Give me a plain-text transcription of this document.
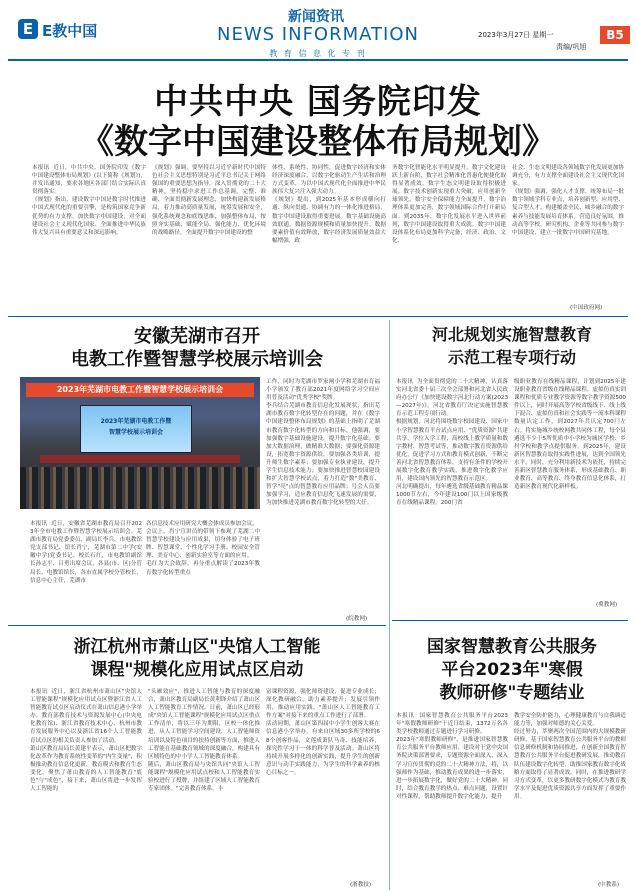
E E教中国
新闻资讯
NEWS INFORMATION
教 育 信 息 化 专 刊
2023年3月27日 星期一
责编/巩旭
B5
中共中央 国务院印发
《数字中国建设整体布局规划》
本报讯  近日，中共中央、国务院印发《数字中国建设整体布局规划》(以下简称《规划》)，并发出通知，要求各地区各部门结合实际认真贯彻落实。
《规划》指出，建设数字中国是数字时代推进中国式现代化的重要引擎，是构筑国家竞争新优势的有力支撑。加快数字中国建设，对全面建设社会主义现代化国家、全面推进中华民族伟大复兴具有重要意义和深远影响。
《规划》强调，要坚持以习近平新时代中国特色社会主义思想特别是习近平总书记关于网络强国的重要思想为指导，深入贯彻党的二十大精神，坚持稳中求进工作总基调，完整、准确、全面贯彻新发展理念，加快构建新发展格局，着力推动高质量发展，统筹发展和安全，强化系统观念和底线思维，加强整体布局，按照夯实基础、赋能全局、强化能力、优化环境的战略路径，全面提升数字中国建设的整
体性、系统性、协同性，促进数字经济和实体经济深度融合，以数字化驱动生产生活和治理方式变革，为以中国式现代化全面推进中华民族伟大复兴注入强大动力。
《规划》提出，到2025年基本形成横向打通、纵向贯通、协调有力的一体化推进格局，数字中国建设取得重要进展。数字基础设施高效联通，数据资源规模和质量加快提升，数据要素价值有效释放，数字经济发展质量效益大幅增强，政
务数字化智能化水平明显提升，数字文化建设跃上新台阶，数字社会精准化普惠化便捷化取得显著成效，数字生态文明建设取得积极进展。数字技术创新实现重大突破，应用创新全球领先，数字安全保障能力全面提升，数字治理体系更加完善，数字领域国际合作打开新局面。到2035年，数字化发展水平进入世界前列，数字中国建设取得重大成就。数字中国建设体系化布局更加科学完备，经济、政治、文化、
社会、生态文明建设各领域数字化发展更加协调充分，有力支撑全面建设社会主义现代化国家。
《规划》强调，强化人才支撑。统筹布局一批数字领域学科专业点，培养创新型、应用型、复合型人才。构建覆盖全民、城乡融合的数字素养与技能发展培育体系。营造良好氛围。推动高等学校、研究机构、企业等共同参与数字中国建设，建立一批数字中国研究基地。
(中国政府网)
安徽芜湖市召开
电教工作暨智慧学校展示培训会
2023年芜湖市电教工作暨智慧学校展示培训会
2023年芜湖市电教工作暨
智慧学校展示培训会
本报讯  近日，安徽省芜湖市教育局召开2023年全市电教工作暨智慧学校展示培训会。芜湖市教育局党委委员、副局长李兵，市电教馆党支部书记、馆长肖宁，芜湖市第二中学(安徽中学)党委书记、校长石红，市电教馆副馆长孙志平、吕勇出席会议，各县(市、区)分管局长、电教馆馆长，各市直属学校分管校长、信息中心主任，芜湖市
各信息技术应用研究大概会体成员参加会议。
会议上，肖宁宣讲员的带领下参观了芜湖二中智慧学校建设与应用成果，切身体验了电子班牌、智慧课堂、个性化学习手册、校园安全管理、美育中心、创新实验室等方面的应用。
毛红为大会致辞，再分重点解读了2023年教育数字化转型重点
工作，同时为芜湖市罗家闸小学和芜湖市育福小学颁发了教育部2021年度网络学习空间应用普及活动"优秀学校"奖牌。
李兵结合芜湖市教育信息化发展现状，指出芜湖市教育数字化转型存在的问题，并在《数字中国建设整体布局规划》的基础上指明了芜湖市教育数字化转型的方向和目标。他强调，要加强数字基础设施建设，提升数字化基础；要加大数据治理，做精准大数据；要强化资源建设，拓宽数字资源供给，要加强各类培训，提升师生数字素养；要加强专业执业建设，提升学生信息技术能力；要加快推进智慧校园建设和扩大智慧学校试点，着力打造"数"美教育、智学"亮"点的智慧教育应用品牌；号会人员要加强学习，适应教育信息化飞速发展的需要，为加快推进芜湖市教育数字化转型的大任。
(皖教网)
河北规划实施智慧教育
示范工程专项行动
本报讯  为全面贯彻党的二十大精神，认真落实河北省委十届三次全会部署和河北省人民政府办公厅《加快建设数字河北行动方案(2023—2027年)》，河北省教育厅决定实施智慧教育示范工程专项行动。
根据规划，河北将围绕数字校园建设、国家中小学智慧教育平台试点应用、"优质资源"共建共享、学位入学工程、高校线上教学质量和数字教材、智慧考试等，推动数字教育资源供给优化，促进学习方式和教育模式创新，不断完善河北省智慧教育体系，支持有条件的学校开展数字化教育教学实践，推进数字化教学应用，建设国内领先的智慧教育示范区。
河北明确提出，每年遴选省级基础教育精品课1000节左右，今年建设100门以上国家级教育在线精品课程，200门省
级职业教育在线精品课程，计划到2025年建设职业教育省级在线精品课程、虚拟仿真实训课程和优质专业教学资源等数字教学资源500件以上，同时开展高等学校省级线下、线上线下混合、虚拟仿真和社会实践等一流本科课程数量认定工作，到2027年共认定700门左右。将实施城乡统校网教共同体工程，每个县遴选不少于5所优质中小学校为城区学校、乡村学校和教学点提供服务。到2025年，建设新区智慧教育取得实践性进展，达到全国领先水平。同时，充分利用新技术为依托，持续完善新区智慧教育服务体系，形成基础教育、职业教育、高等教育、终身教育信息化体系，打造新区教育现代化新样板。
(冀教网)
浙江杭州市萧山区"央馆人工智能
课程"规模化应用试点区启动
本报讯  近日，浙江省杭州市萧山区"央馆人工智能课程"规模化应用试点区暨浙江省人工智能教育试点区启动仪式在萧山信息港小学举办。教育部教育技术与资源发展中心(中央电化教育馆)、浙江省教育技术中心、杭州市教育发展服务中心以及浙江省16个人工智能教育试点区的相关负责人参加了活动。
萧山区教育局局长黄建平表示，萧山区把数字化改革作为教育系统性变革的"内生变量"，积极推动教育信息化更新，教育模式和教育生态变化，聚焦了萧山教育的人工智能教育"底色"与"成色"，接下来，萧山区将进一步发挥人工智能的
"头雁效应"，推进人工智能与教育的深度融合，萧山区教育局副局长黄利锋介绍了萧山区人工智能教育工作情况。日前，萧山区已经形成"央馆人工智能课程"规模化应用试点区重点工作清单，将以三年为期限，区校一体化推进，从人工智能学习空间建设、人工智能师资培训以及特色项目的扶持创新等方面，推进人工智能在基础教育领域的深度融合，构建具有区域特色的中小学人工智能教育体系。
随后，萧山区教育局与央馆共同"央馆人工智能课程"规模化应用试点校和人工智能教育实验校进行了授牌，并组建了区域人工智能教育专家团体。"完善教育体系，丰
富课程资源，强化师资建设，促进专业成长；深化教研融合，助力素养提升；发展引领作用，推动应用实践、"萧山区人工智能教育工作方案"对接下来的重点工作进行了部署。
活动同期，萧山区第四届中小学生创客大赛在信息港小学举办，有来自区域30多所学校的68个创客作品，文莲成萧队马奇、技能培养，探究性学习于一体的科学普及活动。萧山区将持续开展多样化的创新实践，提升学生的创新意识与动手实践能力，为学生的科学素养的核心目标之一。
(浙教技)
国家智慧教育公共服务
平台2023年"寒假
教师研修"专题结业
本报讯  国家智慧教育公共服务平台2023年"寒假教师研修"于近日结束，1372万名各类学校教师通过专题进行学习研修。
2023年"寒假教师研修"，是推进国家智慧教育公共服务平台教师应用、建设对于党中央国务院决策部署要求，专题资源全面深入，深入学习宣传贯彻的党的二十大精神方法，将，以强师作为基础，推动教育成果的进一步落实，进一步拓展数字化，做好党的二十大精神。同时，结合教育教学的热点、难点问题，设置针对性课程，帮助教师提升数字化能力，提升
教学安全防护能力，心理健康教育与自我调适能力等，加强对师德的关心关爱。
经过努力，萃聚两次全国范围内的大规模教研研修，基于国家智慧教育公共服务平台的教师信息研修机制和协同推进，在创新全国教育智慧教育公共服务平台促进教研发展，推动教育队伍建设数字化转型，助推国家教育数字化战略方面取得了显著成效。同时，在推进教研学习方式变革，以更多教研数字化模式为教育教学水平及促进优质资源共享方面发挥了重要作用。
(中教系)
